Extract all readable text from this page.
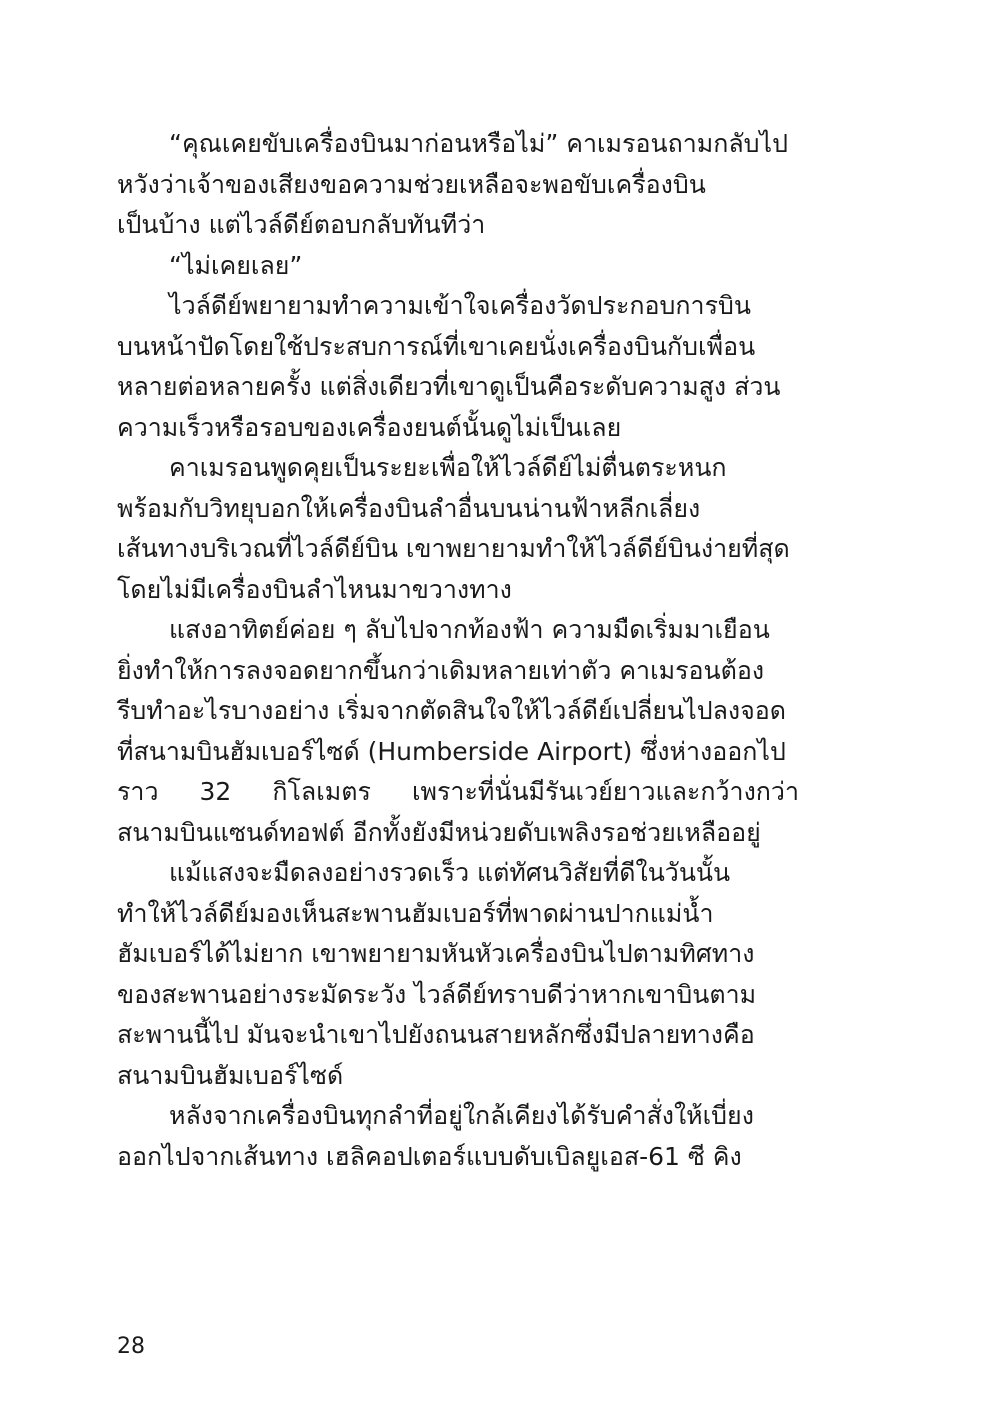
“คุณเคยขับเครื่องบินมาก่อนหรือไม่” คาเมรอนถามกลับไป
หวังว่าเจ้าของเสียงขอความช่วยเหลือจะพอขับเครื่องบิน
เป็นบ้าง แต่ไวล์ดีย์ตอบกลับทันทีว่า
“ไม่เคยเลย”
ไวล์ดีย์พยายามทำความเข้าใจเครื่องวัดประกอบการบิน
บนหน้าปัดโดยใช้ประสบการณ์ที่เขาเคยนั่งเครื่องบินกับเพื่อน
หลายต่อหลายครั้ง แต่สิ่งเดียวที่เขาดูเป็นคือระดับความสูง ส่วน
ความเร็วหรือรอบของเครื่องยนต์นั้นดูไม่เป็นเลย
คาเมรอนพูดคุยเป็นระยะเพื่อให้ไวล์ดีย์ไม่ตื่นตระหนก
พร้อมกับวิทยุบอกให้เครื่องบินลำอื่นบนน่านฟ้าหลีกเลี่ยง
เส้นทางบริเวณที่ไวล์ดีย์บิน เขาพยายามทำให้ไวล์ดีย์บินง่ายที่สุด
โดยไม่มีเครื่องบินลำไหนมาขวางทาง
แสงอาทิตย์ค่อย ๆ ลับไปจากท้องฟ้า ความมืดเริ่มมาเยือน
ยิ่งทำให้การลงจอดยากขึ้นกว่าเดิมหลายเท่าตัว คาเมรอนต้อง
รีบทำอะไรบางอย่าง เริ่มจากตัดสินใจให้ไวล์ดีย์เปลี่ยนไปลงจอด
ที่สนามบินฮัมเบอร์ไซด์ (Humberside Airport) ซึ่งห่างออกไป
ราว 32 กิโลเมตร เพราะที่นั่นมีรันเวย์ยาวและกว้างกว่า
สนามบินแซนด์ทอฟต์ อีกทั้งยังมีหน่วยดับเพลิงรอช่วยเหลืออยู่
แม้แสงจะมืดลงอย่างรวดเร็ว แต่ทัศนวิสัยที่ดีในวันนั้น
ทำให้ไวล์ดีย์มองเห็นสะพานฮัมเบอร์ที่พาดผ่านปากแม่น้ำ
ฮัมเบอร์ได้ไม่ยาก เขาพยายามหันหัวเครื่องบินไปตามทิศทาง
ของสะพานอย่างระมัดระวัง ไวล์ดีย์ทราบดีว่าหากเขาบินตาม
สะพานนี้ไป มันจะนำเขาไปยังถนนสายหลักซึ่งมีปลายทางคือ
สนามบินฮัมเบอร์ไซด์
หลังจากเครื่องบินทุกลำที่อยู่ใกล้เคียงได้รับคำสั่งให้เบี่ยง
ออกไปจากเส้นทาง เฮลิคอปเตอร์แบบดับเบิลยูเอส-61 ซี คิง
28
